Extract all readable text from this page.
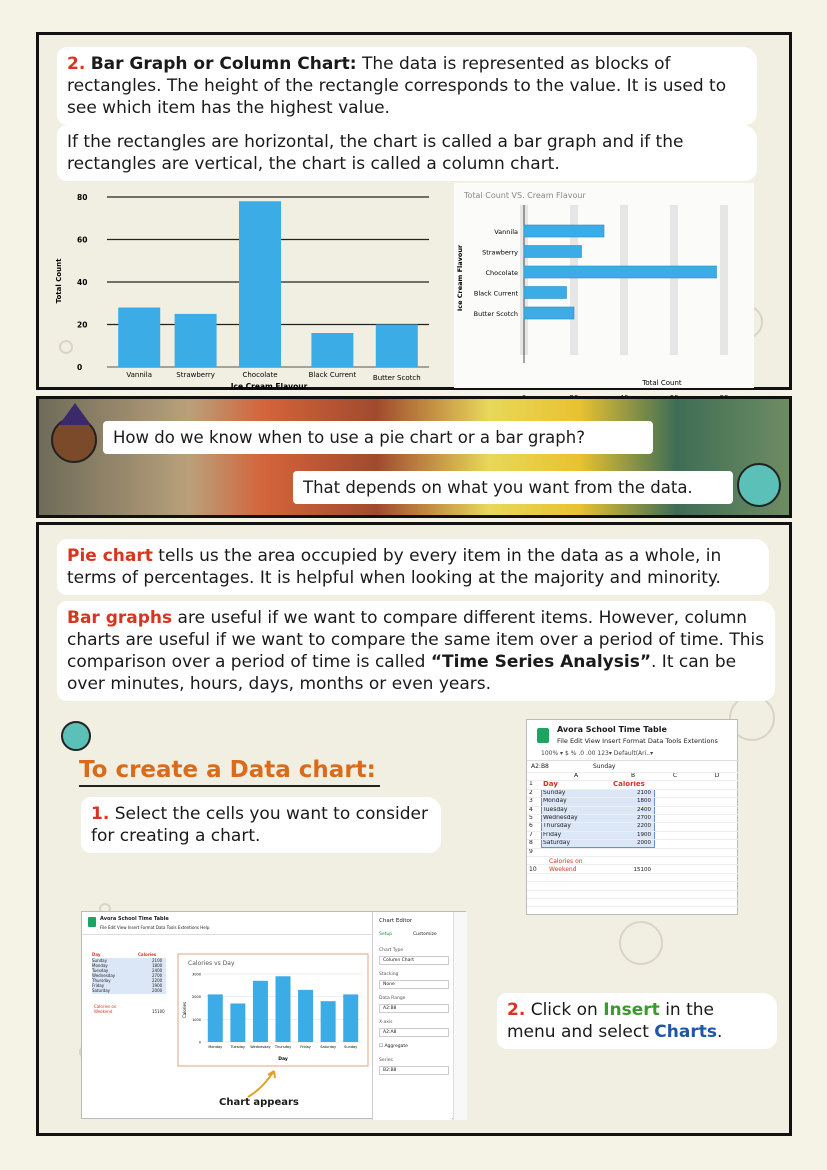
2. Bar Graph or Column Chart: The data is represented as blocks of rectangles. The height of the rectangle corresponds to the value. It is used to see which item has the highest value.
If the rectangles are horizontal, the chart is called a bar graph and if the rectangles are vertical, the chart is called a column chart.
0
20
40
60
80
Vannila	Strawberry	Chocolate	Black Current Butter Scotch
Total Count
Ice Cream Flavour
Total Count VS. Cream Flavour
Vannila
Strawberry
Chocolate
Black Current
Butter Scotch
Total Count
Ice Cream Flavour
How do we know when to use a pie chart or a bar graph?
That depends on what you want from the data.
Pie chart tells us the area occupied by every item in the data as a whole, in terms of percentages. It is helpful when looking at the majority and minority.
Bar graphs are useful if we want to compare different items. However, column charts are useful if we want to compare the same item over a period of time. This comparison over a period of time is called “Time Series Analysis”. It can be over minutes, hours, days, months or even years.
To create a Data chart:
1. Select the cells you want to consider for creating a chart.
Avora School Time Table
File Edit View Insert Format Data Tools Extentions
100% ▾ $ % .0 .00 123▾ Default(Ari..▾
A2:B8	Sunday
A	B	C	D
1	Day	Calories
2	Sunday	2100
3	Monday	1800
4	Tuesday	2400
5	Wednesday	2700
6	Thursday	2200
7	Friday	1900
8	Saturday	2000
9
Calories on
10	Weekend	15100
Avora School Time Table
File Edit View Insert Format Data Tools Extentions Help
Day	Calories
Sunday	2100
Monday	1800
Tuesday	2400
Wednesday	2700
Thursday	2200
Friday	1900
Saturday	2000
Calories on
Weekend	15100
Calories vs Day
3000
2000
1000
0
Monday Tuesday Wednesday Thursday	Friday	Saturday Sunday
Day
Calories
Chart Editor
Setup	Customize
Chart Type
Column Chart
Stacking
None
Data Range
A2:B8
X-axis
A2:A8
☐ Aggregate
Series
B2:B8
Chart appears
2. Click on Insert in the menu and select Charts.
